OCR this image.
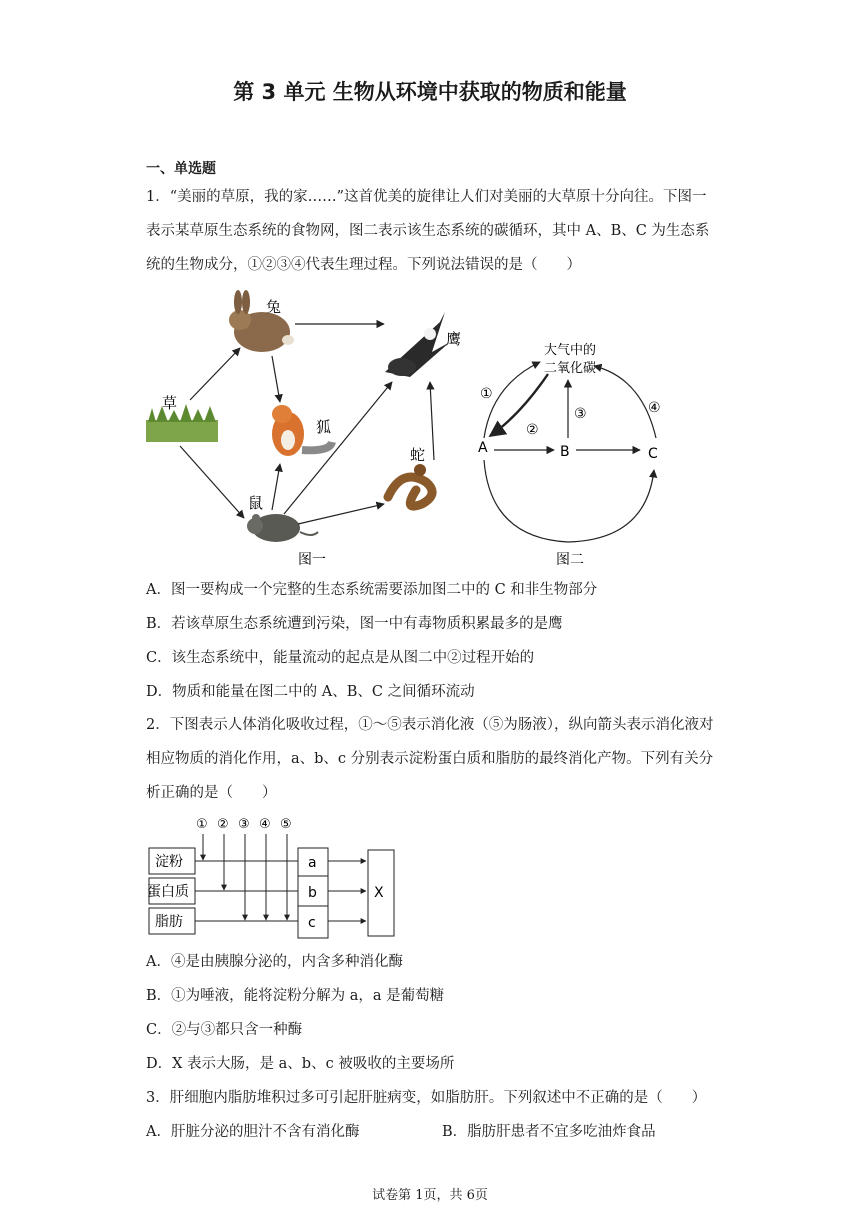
第 3 单元 生物从环境中获取的物质和能量
一、单选题
1．“美丽的草原，我的家……”这首优美的旋律让人们对美丽的大草原十分向往。下图一表示某草原生态系统的食物网，图二表示该生态系统的碳循环，其中 A、B、C 为生态系统的生物成分，①②③④代表生理过程。下列说法错误的是（　　）
兔
鹰
草
狐
鼠
蛇
图一
大气中的
二氧化碳
A	B	C
①
②
③	④
图二
A．图一要构成一个完整的生态系统需要添加图二中的 C 和非生物部分
B．若该草原生态系统遭到污染，图一中有毒物质积累最多的是鹰
C．该生态系统中，能量流动的起点是从图二中②过程开始的
D．物质和能量在图二中的 A、B、C 之间循环流动
2．下图表示人体消化吸收过程，①～⑤表示消化液（⑤为肠液），纵向箭头表示消化液对相应物质的消化作用，a、b、c 分别表示淀粉蛋白质和脂肪的最终消化产物。下列有关分析正确的是（　　）
① ② ③ ④ ⑤
淀粉
蛋白质
脂肪
a
b
c
X
A．④是由胰腺分泌的，内含多种消化酶
B．①为唾液，能将淀粉分解为 a，a 是葡萄糖
C．②与③都只含一种酶
D．X 表示大肠，是 a、b、c 被吸收的主要场所
3．肝细胞内脂肪堆积过多可引起肝脏病变，如脂肪肝。下列叙述中不正确的是（　　）
A．肝脏分泌的胆汁不含有消化酶	B．脂肪肝患者不宜多吃油炸食品
试卷第 1页，共 6页
